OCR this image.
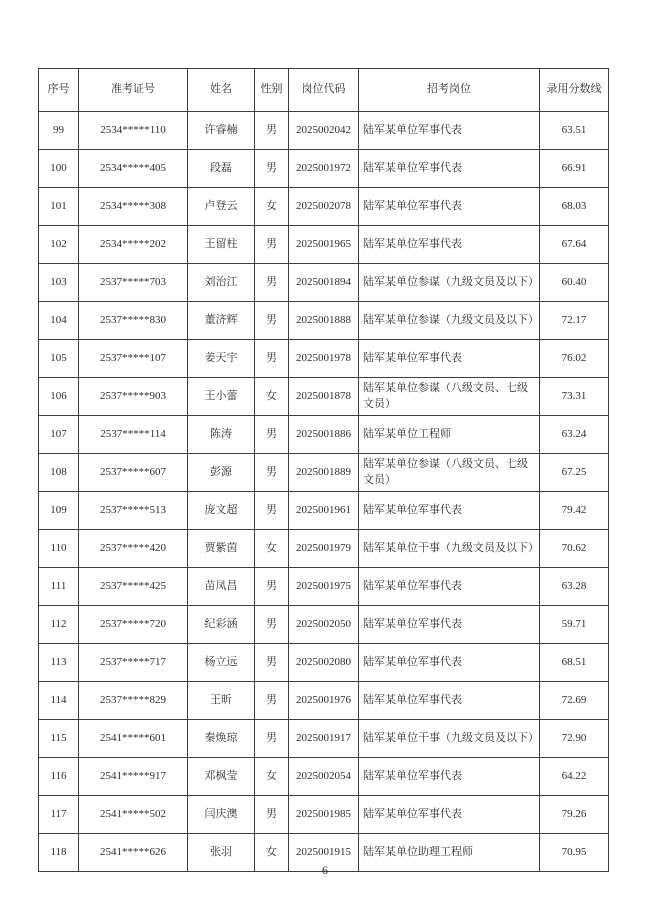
序号	准考证号	姓名	性别	岗位代码	招考岗位	录用分数线
99	2534*****110	许睿楠	男	2025002042	陆军某单位军事代表	63.51
100	2534*****405	段磊	男	2025001972	陆军某单位军事代表	66.91
101	2534*****308	卢登云	女	2025002078	陆军某单位军事代表	68.03
102	2534*****202	王留柱	男	2025001965	陆军某单位军事代表	67.64
103	2537*****703	刘治江	男	2025001894	陆军某单位参谋（九级文员及以下）	60.40
104	2537*****830	董济辉	男	2025001888	陆军某单位参谋（九级文员及以下）	72.17
105	2537*****107	姜天宇	男	2025001978	陆军某单位军事代表	76.02
106	2537*****903	王小蕾	女	2025001878	陆军某单位参谋（八级文员、七级文员）	73.31
107	2537*****114	陈涛	男	2025001886	陆军某单位工程师	63.24
108	2537*****607	彭源	男	2025001889	陆军某单位参谋（八级文员、七级文员）	67.25
109	2537*****513	庞文超	男	2025001961	陆军某单位军事代表	79.42
110	2537*****420	贾紫茵	女	2025001979	陆军某单位干事（九级文员及以下）	70.62
111	2537*****425	苗凤昌	男	2025001975	陆军某单位军事代表	63.28
112	2537*****720	纪彩涵	男	2025002050	陆军某单位军事代表	59.71
113	2537*****717	杨立远	男	2025002080	陆军某单位军事代表	68.51
114	2537*****829	王昕	男	2025001976	陆军某单位军事代表	72.69
115	2541*****601	秦焕琼	男	2025001917	陆军某单位干事（九级文员及以下）	72.90
116	2541*****917	邓枫莹	女	2025002054	陆军某单位军事代表	64.22
117	2541*****502	闫庆澳	男	2025001985	陆军某单位军事代表	79.26
118	2541*****626	张羽	女	2025001915	陆军某单位助理工程师	70.95
6
